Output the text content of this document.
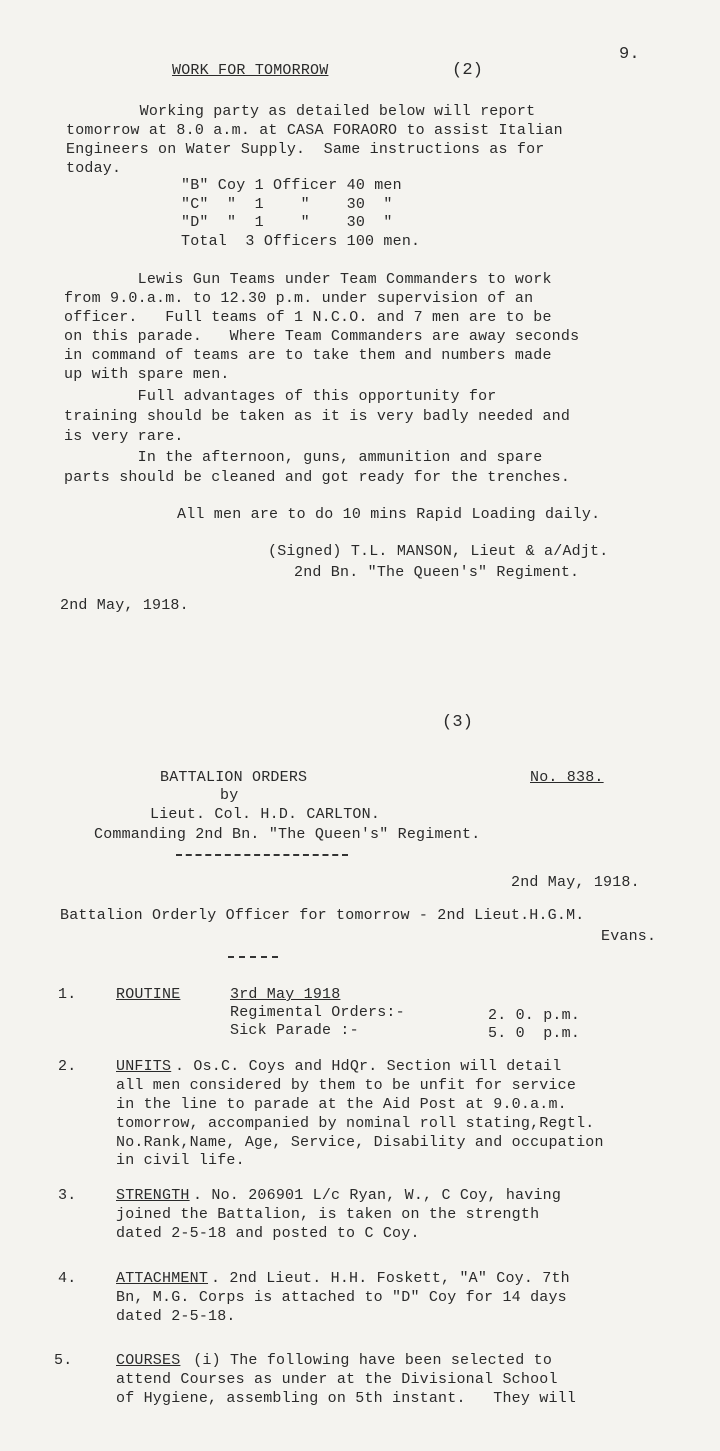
9.
WORK FOR TOMORROW	(2)
Working party as detailed below will report
tomorrow at 8.0 a.m. at CASA FORAORO to assist Italian
Engineers on Water Supply.  Same instructions as for
today.
"B" Coy 1 Officer 40 men
"C"  "  1    "    30  "
"D"  "  1    "    30  "
Total  3 Officers 100 men.
Lewis Gun Teams under Team Commanders to work
from 9.0.a.m. to 12.30 p.m. under supervision of an
officer.   Full teams of 1 N.C.O. and 7 men are to be
on this parade.   Where Team Commanders are away seconds
in command of teams are to take them and numbers made
up with spare men.
Full advantages of this opportunity for
training should be taken as it is very badly needed and
is very rare.
In the afternoon, guns, ammunition and spare
parts should be cleaned and got ready for the trenches.
All men are to do 10 mins Rapid Loading daily.
(Signed) T.L. MANSON, Lieut & a/Adjt.
2nd Bn. "The Queen's" Regiment.
2nd May, 1918.
(3)
BATTALION ORDERS	No. 838.
by
Lieut. Col. H.D. CARLTON.
Commanding 2nd Bn. "The Queen's" Regiment.
2nd May, 1918.
Battalion Orderly Officer for tomorrow - 2nd Lieut.H.G.M.
Evans.
1.	ROUTINE	3rd May 1918
Regimental Orders:-	2. 0. p.m.
Sick Parade :-	5. 0  p.m.
2.	UNFITS . Os.C. Coys and HdQr. Section will detail
all men considered by them to be unfit for service
in the line to parade at the Aid Post at 9.0.a.m.
tomorrow, accompanied by nominal roll stating,Regtl.
No.Rank,Name, Age, Service, Disability and occupation
in civil life.
3.	STRENGTH . No. 206901 L/c Ryan, W., C Coy, having
joined the Battalion, is taken on the strength
dated 2-5-18 and posted to C Coy.
4.	ATTACHMENT . 2nd Lieut. H.H. Foskett, "A" Coy. 7th
Bn, M.G. Corps is attached to "D" Coy for 14 days
dated 2-5-18.
5.	COURSES (i) The following have been selected to
attend Courses as under at the Divisional School
of Hygiene, assembling on 5th instant.   They will
